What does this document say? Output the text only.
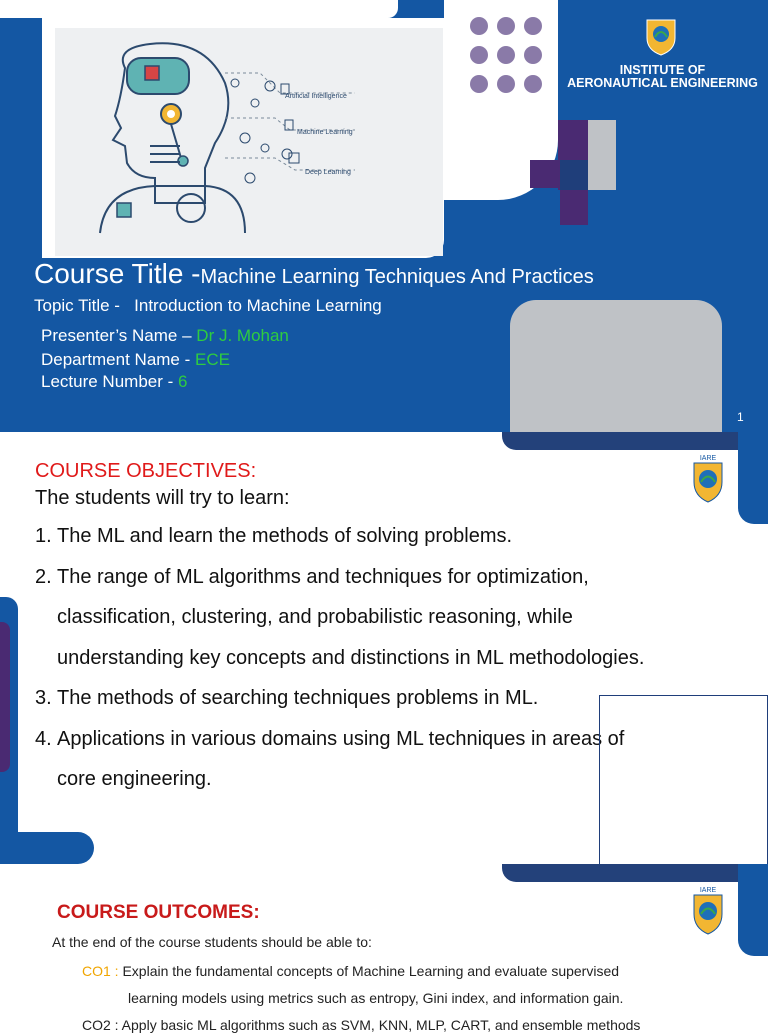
Artificial Intelligence
Machine Learning
Deep Learning
INSTITUTE OF
AERONAUTICAL ENGINEERING
Course Title -Machine Learning Techniques And Practices
Topic Title - Introduction to Machine Learning
Presenter’s Name – Dr J. Mohan
Department Name - ECE
Lecture Number - 6
1
IARE
COURSE OBJECTIVES:
The students will try to learn:
1. The ML and learn the methods of solving problems.
2. The range of ML algorithms and techniques for optimization,
classification, clustering, and probabilistic reasoning, while
understanding key concepts and distinctions in ML methodologies.
3. The methods of searching techniques problems in ML.
4. Applications in various domains using ML techniques in areas of
core engineering.
IARE
COURSE OUTCOMES:
At the end of the course students should be able to:
CO1 : Explain the fundamental concepts of Machine Learning and evaluate supervised
learning models using metrics such as entropy, Gini index, and information gain.
CO2 : Apply basic ML algorithms such as SVM, KNN, MLP, CART, and ensemble methods
